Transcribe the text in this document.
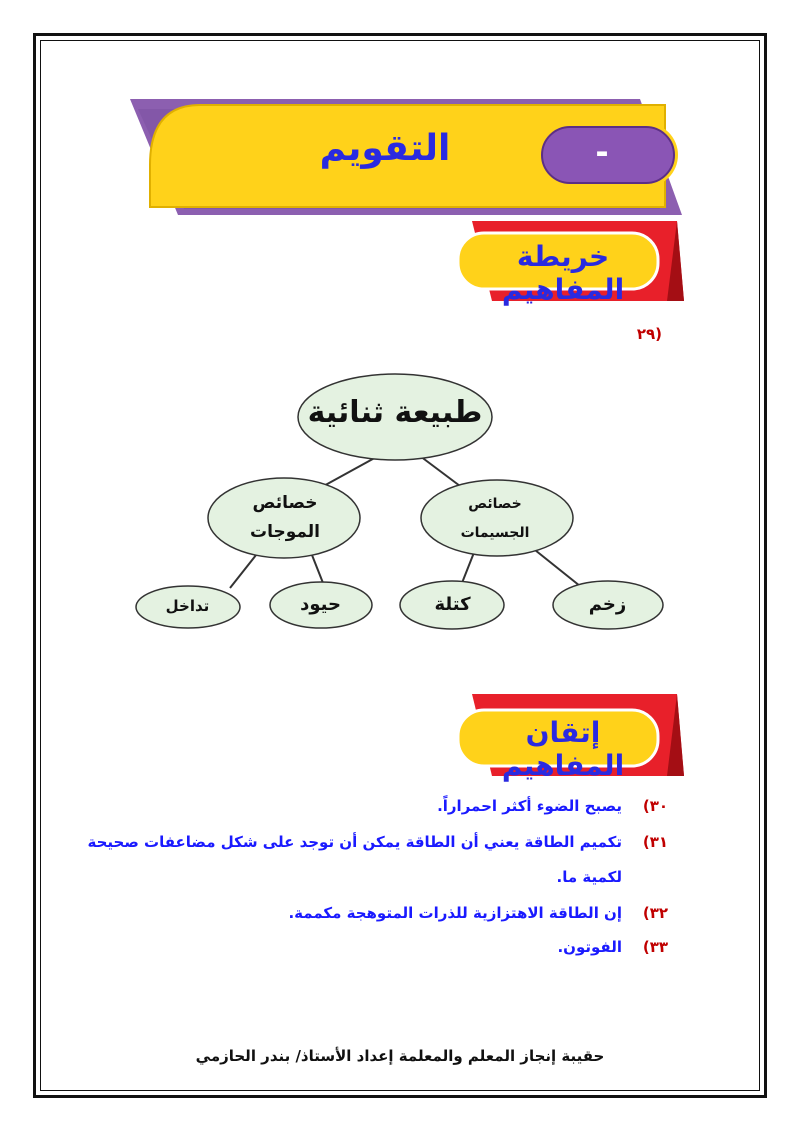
التقويم	-
خريطة المفاهيم
٢٩)
طبيعة ثنائية
خصائص
الموجات
خصائص
الجسيمات
تداخل	حيود	كتلة	زخم
إتقان المفاهيم
٣٠)
يصبح الضوء أكثر احمراراً.
٣١)
تكميم الطاقة يعني أن الطاقة يمكن أن توجد على شكل مضاعفات صحيحة
لكمية ما.
٣٢)
إن الطاقة الاهتزازية للذرات المتوهجة مكممة.
٣٣)
الفوتون.
حقيبة إنجاز المعلم والمعلمة إعداد الأستاذ/ بندر الحازمي
